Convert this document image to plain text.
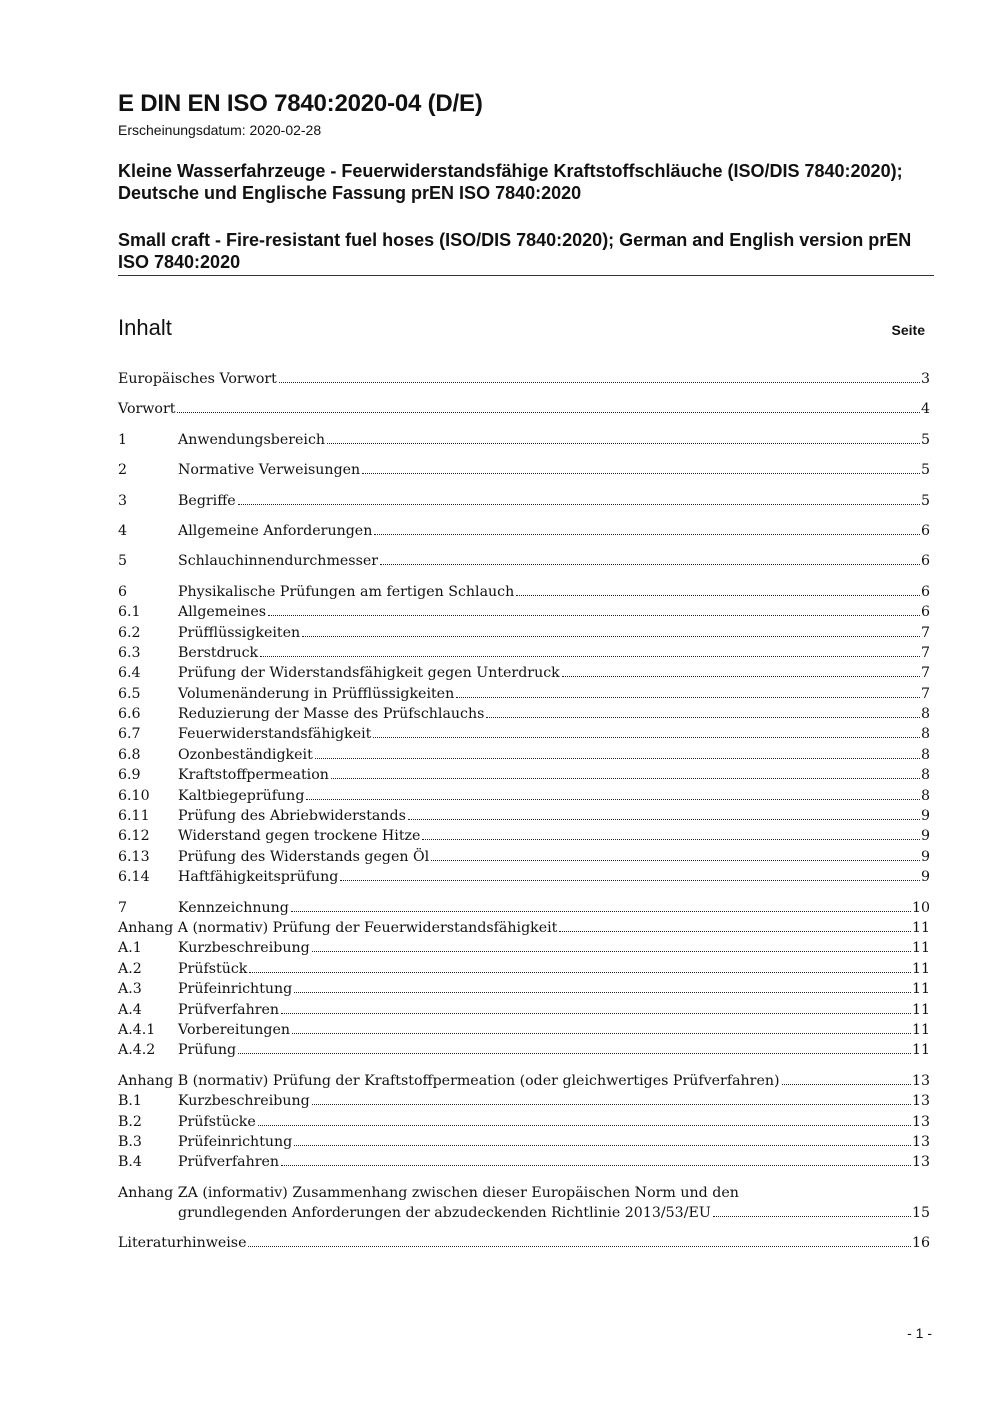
E DIN EN ISO 7840:2020-04 (D/E)
Erscheinungsdatum: 2020-02-28
Kleine Wasserfahrzeuge - Feuerwiderstandsfähige Kraftstoffschläuche (ISO/DIS 7840:2020); Deutsche und Englische Fassung prEN ISO 7840:2020
Small craft - Fire-resistant fuel hoses (ISO/DIS 7840:2020); German and English version prEN ISO 7840:2020
Inhalt	Seite
Europäisches Vorwort	3
Vorwort	4
1	Anwendungsbereich	5
2	Normative Verweisungen	5
3	Begriffe	5
4	Allgemeine Anforderungen	6
5	Schlauchinnendurchmesser	6
6	Physikalische Prüfungen am fertigen Schlauch	6
6.1	Allgemeines	6
6.2	Prüfflüssigkeiten	7
6.3	Berstdruck	7
6.4	Prüfung der Widerstandsfähigkeit gegen Unterdruck	7
6.5	Volumenänderung in Prüfflüssigkeiten	7
6.6	Reduzierung der Masse des Prüfschlauchs	8
6.7	Feuerwiderstandsfähigkeit	8
6.8	Ozonbeständigkeit	8
6.9	Kraftstoffpermeation	8
6.10	Kaltbiegeprüfung	8
6.11	Prüfung des Abriebwiderstands	9
6.12	Widerstand gegen trockene Hitze	9
6.13	Prüfung des Widerstands gegen Öl	9
6.14	Haftfähigkeitsprüfung	9
7	Kennzeichnung	10
Anhang A (normativ) Prüfung der Feuerwiderstandsfähigkeit	11
A.1	Kurzbeschreibung	11
A.2	Prüfstück	11
A.3	Prüfeinrichtung	11
A.4	Prüfverfahren	11
A.4.1	Vorbereitungen	11
A.4.2	Prüfung	11
Anhang B (normativ) Prüfung der Kraftstoffpermeation (oder gleichwertiges Prüfverfahren)	13
B.1	Kurzbeschreibung	13
B.2	Prüfstücke	13
B.3	Prüfeinrichtung	13
B.4	Prüfverfahren	13
Anhang ZA (informativ) Zusammenhang zwischen dieser Europäischen Norm und den
grundlegenden Anforderungen der abzudeckenden Richtlinie 2013/53/EU	15
Literaturhinweise	16
- 1 -
